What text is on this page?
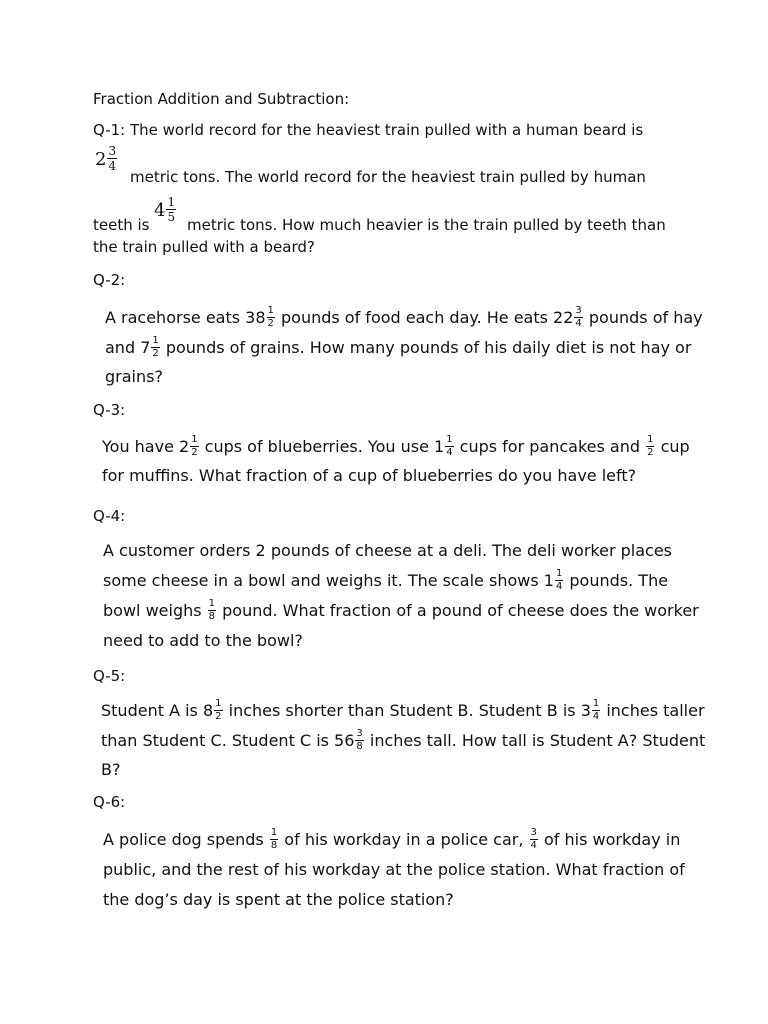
Fraction Addition and Subtraction:
Q-1: The world record for the heaviest train pulled with a human beard is
$2 \frac{3}{4}$
metric tons. The world record for the heaviest train pulled by human
teeth is
$4 \frac{1}{5}$
metric tons. How much heavier is the train pulled by teeth than
the train pulled with a beard?
Q-2:
A racehorse eats $38 \frac{1}{2}$ pounds of food each day. He eats $22 \frac{3}{4}$ pounds of hay
and $7 \frac{1}{2}$ pounds of grains. How many pounds of his daily diet is not hay or
grains?
Q-3:
You have $2 \frac{1}{2}$ cups of blueberries. You use $1 \frac{1}{4}$ cups for pancakes and $\frac{1}{2}$ cup
for muffins. What fraction of a cup of blueberries do you have left?
Q-4:
A customer orders 2 pounds of cheese at a deli. The deli worker places
some cheese in a bowl and weighs it. The scale shows $1 \frac{1}{4}$ pounds. The
bowl weighs $\frac{1}{8}$ pound. What fraction of a pound of cheese does the worker
need to add to the bowl?
Q-5:
Student A is $8 \frac{1}{2}$ inches shorter than Student B. Student B is $3 \frac{1}{4}$ inches taller
than Student C. Student C is $56 \frac{3}{8}$ inches tall. How tall is Student A? Student
B?
Q-6:
A police dog spends $\frac{1}{8}$ of his workday in a police car, $\frac{3}{4}$ of his workday in
public, and the rest of his workday at the police station. What fraction of
the dog’s day is spent at the police station?
